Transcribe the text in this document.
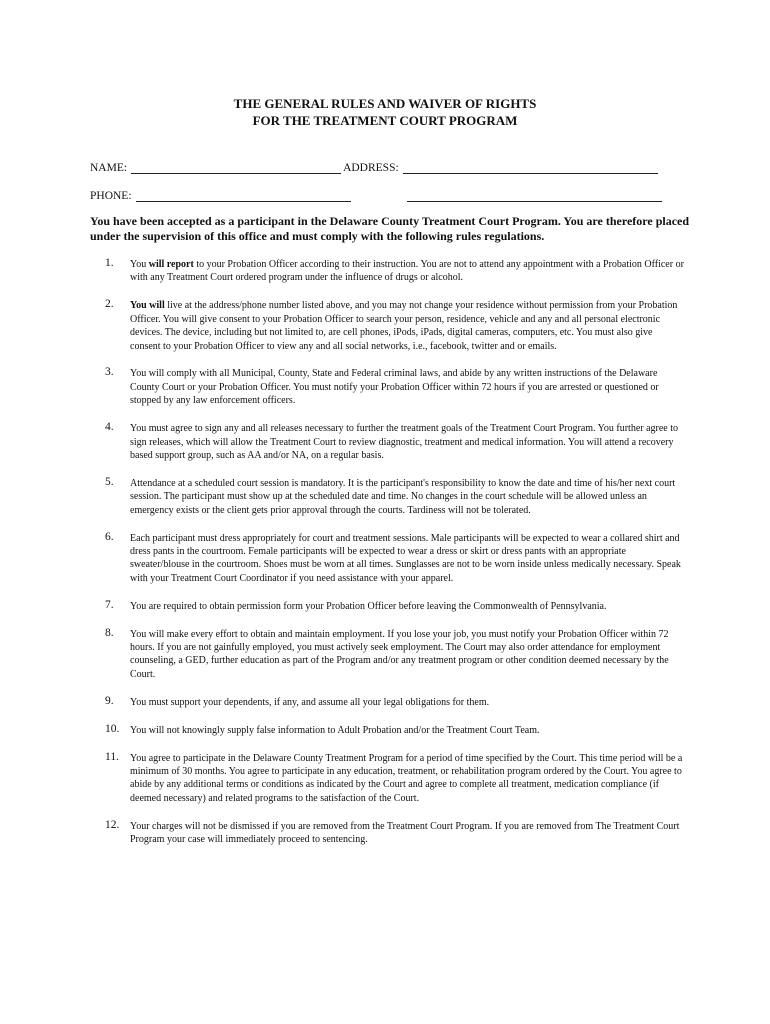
THE GENERAL RULES AND WAIVER OF RIGHTS
FOR THE TREATMENT COURT PROGRAM
NAME:	ADDRESS:
PHONE:
You have been accepted as a participant in the Delaware County Treatment Court Program. You are therefore placed under the supervision of this office and must comply with the following rules regulations.
1. You will report to your Probation Officer according to their instruction. You are not to attend any appointment with a Probation Officer or with any Treatment Court ordered program under the influence of drugs or alcohol.
2. You will live at the address/phone number listed above, and you may not change your residence without permission from your Probation Officer. You will give consent to your Probation Officer to search your person, residence, vehicle and any and all personal electronic devices. The device, including but not limited to, are cell phones, iPods, iPads, digital cameras, computers, etc. You must also give consent to your Probation Officer to view any and all social networks, i.e., facebook, twitter and or emails.
3. You will comply with all Municipal, County, State and Federal criminal laws, and abide by any written instructions of the Delaware County Court or your Probation Officer. You must notify your Probation Officer within 72 hours if you are arrested or questioned or stopped by any law enforcement officers.
4. You must agree to sign any and all releases necessary to further the treatment goals of the Treatment Court Program. You further agree to sign releases, which will allow the Treatment Court to review diagnostic, treatment and medical information. You will attend a recovery based support group, such as AA and/or NA, on a regular basis.
5. Attendance at a scheduled court session is mandatory. It is the participant's responsibility to know the date and time of his/her next court session. The participant must show up at the scheduled date and time. No changes in the court schedule will be allowed unless an emergency exists or the client gets prior approval through the courts. Tardiness will not be tolerated.
6. Each participant must dress appropriately for court and treatment sessions. Male participants will be expected to wear a collared shirt and dress pants in the courtroom. Female participants will be expected to wear a dress or skirt or dress pants with an appropriate sweater/blouse in the courtroom. Shoes must be worn at all times. Sunglasses are not to be worn inside unless medically necessary. Speak with your Treatment Court Coordinator if you need assistance with your apparel.
7. You are required to obtain permission form your Probation Officer before leaving the Commonwealth of Pennsylvania.
8. You will make every effort to obtain and maintain employment. If you lose your job, you must notify your Probation Officer within 72 hours. If you are not gainfully employed, you must actively seek employment. The Court may also order attendance for employment counseling, a GED, further education as part of the Program and/or any treatment program or other condition deemed necessary by the Court.
9. You must support your dependents, if any, and assume all your legal obligations for them.
10. You will not knowingly supply false information to Adult Probation and/or the Treatment Court Team.
11. You agree to participate in the Delaware County Treatment Program for a period of time specified by the Court. This time period will be a minimum of 30 months. You agree to participate in any education, treatment, or rehabilitation program ordered by the Court. You agree to abide by any additional terms or conditions as indicated by the Court and agree to complete all treatment, medication compliance (if deemed necessary) and related programs to the satisfaction of the Court.
12. Your charges will not be dismissed if you are removed from the Treatment Court Program. If you are removed from The Treatment Court Program your case will immediately proceed to sentencing.
